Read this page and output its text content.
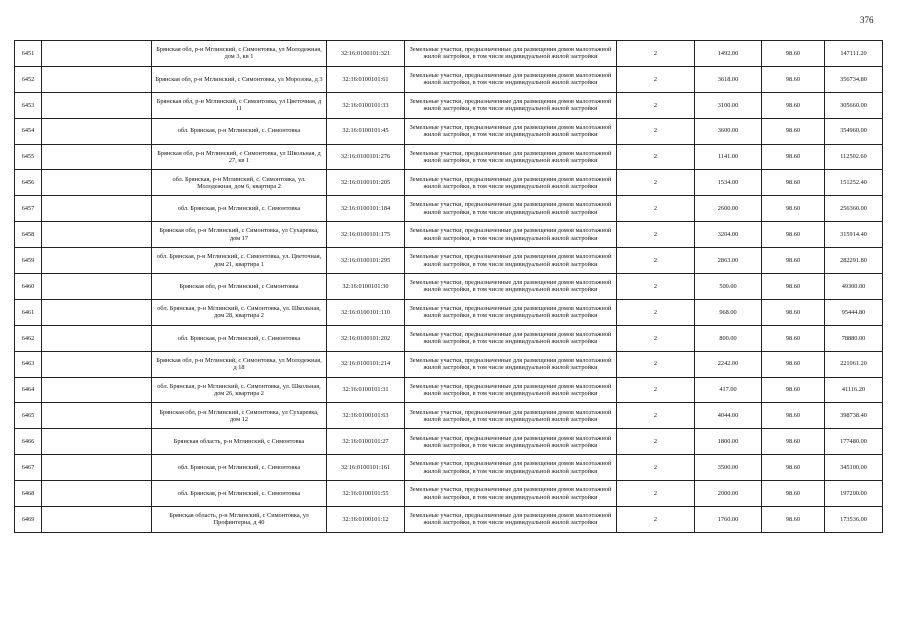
376
6451		Брянская обл, р-н Мглинский, с Симонтовка, ул Молодежная, дом 3, кв 1	32:16:0100101:321	Земельные участки, предназначенные для размещения домов малоэтажной жилой застройки, в том числе индивидуальной жилой застройки	2	1492.00	98.60	147111.20
6452		Брянская обл, р-н Мглинский, с Симонтовка, ул Морозова, д 3	32:16:0100101:61	Земельные участки, предназначенные для размещения домов малоэтажной жилой застройки, в том числе индивидуальной жилой застройки	2	3618.00	98.60	356734.80
6453		Брянская обл, р-н Мглинский, с Симонтовка, ул Цветочная, д 11	32:16:0100101:33	Земельные участки, предназначенные для размещения домов малоэтажной жилой застройки, в том числе индивидуальной жилой застройки	2	3100.00	98.60	305660.00
6454		обл. Брянская, р-н Мглинский, с. Симонтовка	32:16:0100101:45	Земельные участки, предназначенные для размещения домов малоэтажной жилой застройки, в том числе индивидуальной жилой застройки	2	3600.00	98.60	354960.00
6455		Брянская обл, р-н Мглинский, с Симонтовка, ул Школьная, д 27, кв 1	32:16:0100101:276	Земельные участки, предназначенные для размещения домов малоэтажной жилой застройки, в том числе индивидуальной жилой застройки	2	1141.00	98.60	112502.60
6456		обл. Брянская, р-н Мглинский, с. Симонтовка, ул. Молодежная, дом 6, квартира 2	32:16:0100101:205	Земельные участки, предназначенные для размещения домов малоэтажной жилой застройки, в том числе индивидуальной жилой застройки	2	1534.00	98.60	151252.40
6457		обл. Брянская, р-н Мглинский, с. Симонтовка	32:16:0100101:184	Земельные участки, предназначенные для размещения домов малоэтажной жилой застройки, в том числе индивидуальной жилой застройки	2	2600.00	98.60	256360.00
6458		Брянская обл, р-н Мглинский, с Симонтовка, ул Сухаревка, дом 17	32:16:0100101:175	Земельные участки, предназначенные для размещения домов малоэтажной жилой застройки, в том числе индивидуальной жилой застройки	2	3204.00	98.60	315914.40
6459		обл. Брянская, р-н Мглинский, с. Симонтовка, ул. Цветочная, дом 21, квартира 1	32:16:0100101:295	Земельные участки, предназначенные для размещения домов малоэтажной жилой застройки, в том числе индивидуальной жилой застройки	2	2863.00	98.60	282291.80
6460		Брянская обл, р-н Мглинский, с Симонтовка	32:16:0100101:30	Земельные участки, предназначенные для размещения домов малоэтажной жилой застройки, в том числе индивидуальной жилой застройки	2	500.00	98.60	49300.00
6461		обл. Брянская, р-н Мглинский, с. Симонтовка, ул. Школьная, дом 28, квартира 2	32:16:0100101:110	Земельные участки, предназначенные для размещения домов малоэтажной жилой застройки, в том числе индивидуальной жилой застройки	2	968.00	98.60	95444.80
6462		обл. Брянская, р-н Мглинский, с. Симонтовка	32:16:0100101:202	Земельные участки, предназначенные для размещения домов малоэтажной жилой застройки, в том числе индивидуальной жилой застройки	2	800.00	98.60	78880.00
6463		Брянская обл, р-н Мглинский, с Симонтовка, ул Молодежная, д 18	32:16:0100101:214	Земельные участки, предназначенные для размещения домов малоэтажной жилой застройки, в том числе индивидуальной жилой застройки	2	2242.00	98.60	221061.20
6464		обл. Брянская, р-н Мглинский, с. Симонтовка, ул. Школьная, дом 26, квартира 2	32:16:0100101:31	Земельные участки, предназначенные для размещения домов малоэтажной жилой застройки, в том числе индивидуальной жилой застройки	2	417.00	98.60	41116.20
6465		Брянская обл, р-н Мглинский, с Симонтовка, ул Сухаревка, дом 12	32:16:0100101:63	Земельные участки, предназначенные для размещения домов малоэтажной жилой застройки, в том числе индивидуальной жилой застройки	2	4044.00	98.60	398738.40
6466		Брянская область, р-н Мглинский, с Симонтовка	32:16:0100101:27	Земельные участки, предназначенные для размещения домов малоэтажной жилой застройки, в том числе индивидуальной жилой застройки	2	1800.00	98.60	177480.00
6467		обл. Брянская, р-н Мглинский, с. Симонтовка	32:16:0100101:161	Земельные участки, предназначенные для размещения домов малоэтажной жилой застройки, в том числе индивидуальной жилой застройки	2	3500.00	98.60	345100.00
6468		обл. Брянская, р-н Мглинский, с. Симонтовка	32:16:0100101:55	Земельные участки, предназначенные для размещения домов малоэтажной жилой застройки, в том числе индивидуальной жилой застройки	2	2000.00	98.60	197200.00
6469		Брянская область, р-н Мглинский, с Симонтовка, ул Профинтерна, д 40	32:16:0100101:12	Земельные участки, предназначенные для размещения домов малоэтажной жилой застройки, в том числе индивидуальной жилой застройки	2	1760.00	98.60	173536.00
